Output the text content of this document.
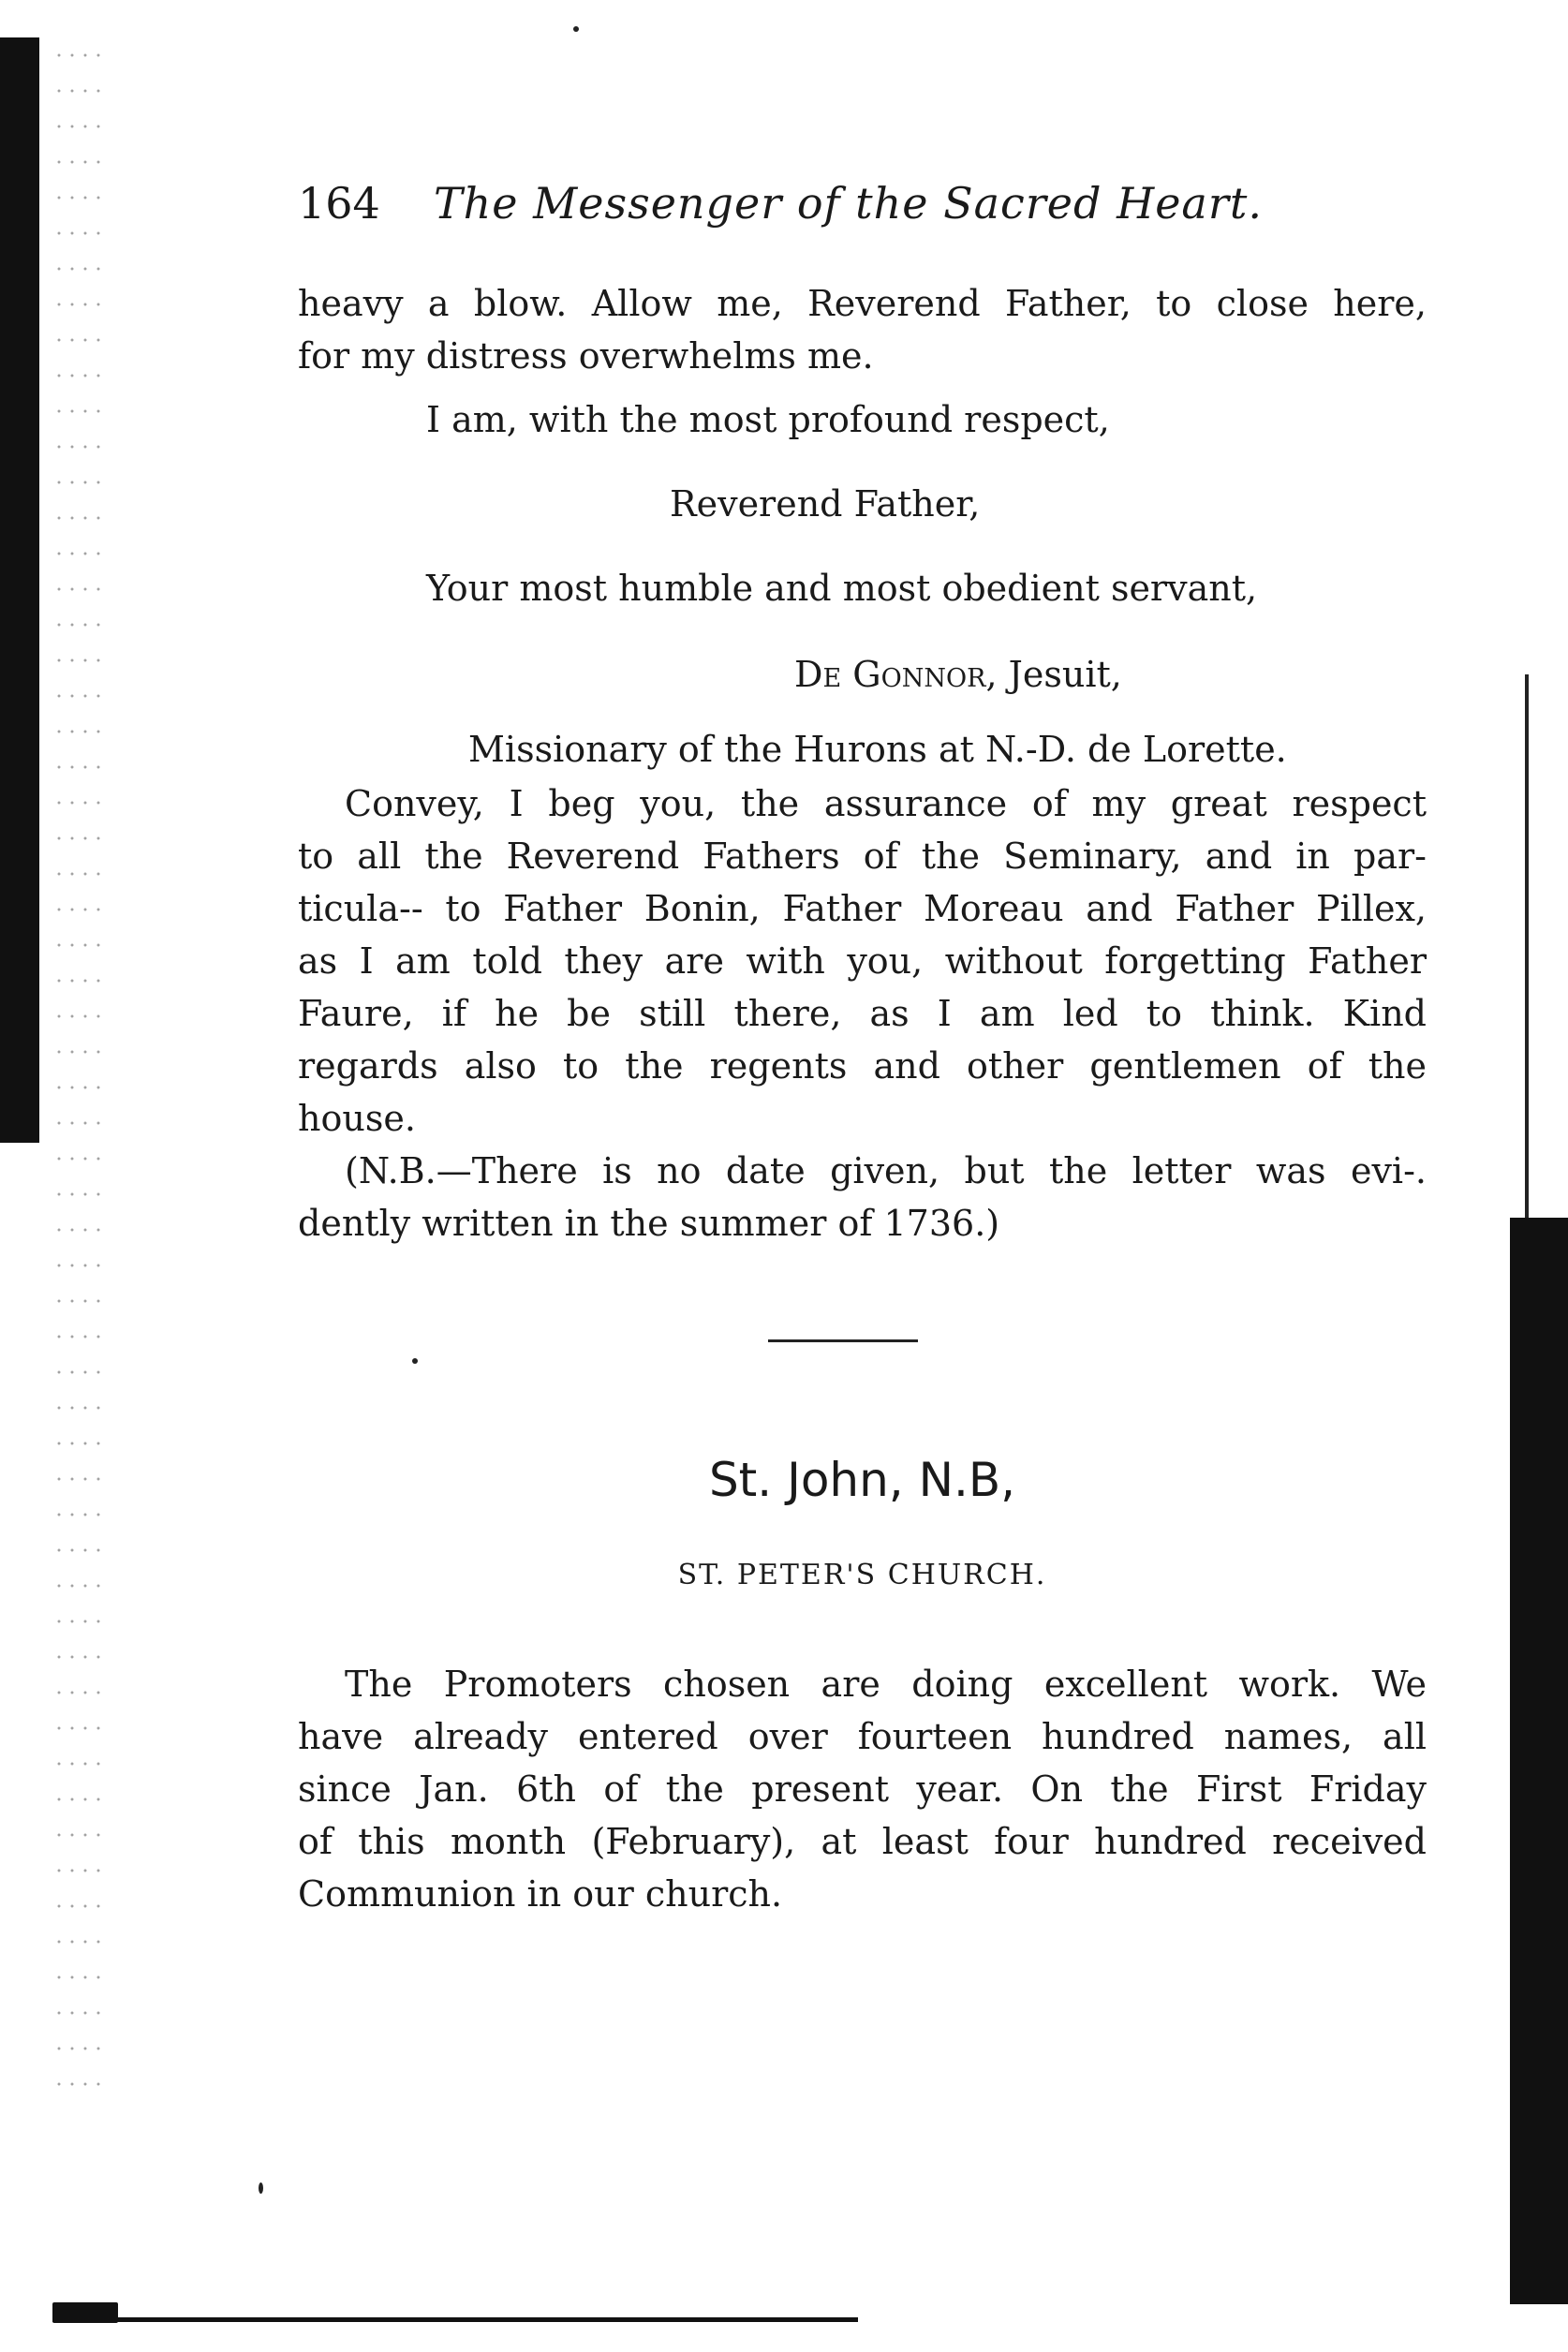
164 The Messenger of the Sacred Heart.
heavy a blow. Allow me, Reverend Father, to close here,
for my distress overwhelms me.
I am, with the most profound respect,
Reverend Father,
Your most humble and most obedient servant,
De Gonnor, Jesuit,
Missionary of the Hurons at N.-D. de Lorette.
Convey, I beg you, the assurance of my great respect
to all the Reverend Fathers of the Seminary, and in par-
ticula-- to Father Bonin, Father Moreau and Father Pillex,
as I am told they are with you, without forgetting Father
Faure, if he be still there, as I am led to think. Kind
regards also to the regents and other gentlemen of the
house.
(N.B.—There is no date given, but the letter was evi-.
dently written in the summer of 1736.)
St. John, N.B,
ST. PETER'S CHURCH.
The Promoters chosen are doing excellent work. We
have already entered over fourteen hundred names, all
since Jan. 6th of the present year. On the First Friday
of this month (February), at least four hundred received
Communion in our church.
